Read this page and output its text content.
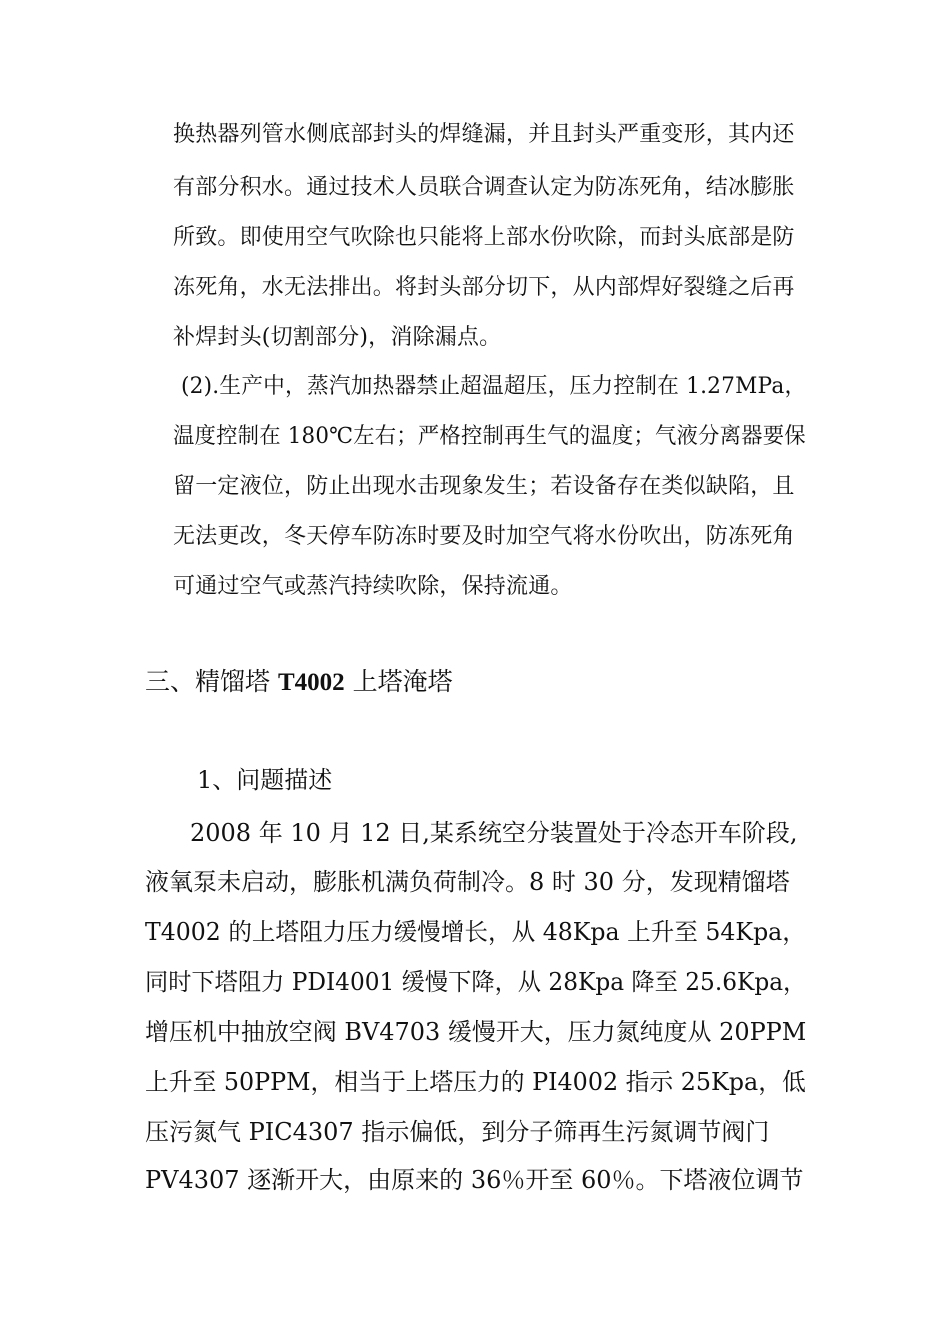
换热器列管水侧底部封头的焊缝漏，并且封头严重变形，其内还
有部分积水。通过技术人员联合调查认定为防冻死角，结冰膨胀
所致。即使用空气吹除也只能将上部水份吹除，而封头底部是防
冻死角，水无法排出。将封头部分切下，从内部焊好裂缝之后再
补焊封头(切割部分)，消除漏点。
(2).生产中，蒸汽加热器禁止超温超压，压力控制在 1.27MPa，
温度控制在 180℃左右；严格控制再生气的温度；气液分离器要保
留一定液位，防止出现水击现象发生；若设备存在类似缺陷，且
无法更改，冬天停车防冻时要及时加空气将水份吹出，防冻死角
可通过空气或蒸汽持续吹除，保持流通。
三、精馏塔 T4002 上塔淹塔
1、问题描述
2008 年 10 月 12 日,某系统空分装置处于冷态开车阶段,
液氧泵未启动，膨胀机满负荷制冷。8 时 30 分，发现精馏塔
T4002 的上塔阻力压力缓慢增长，从 48Kpa 上升至 54Kpa，
同时下塔阻力 PDI4001 缓慢下降，从 28Kpa 降至 25.6Kpa，
增压机中抽放空阀 BV4703 缓慢开大，压力氮纯度从 20PPM
上升至 50PPM，相当于上塔压力的 PI4002 指示 25Kpa，低
压污氮气 PIC4307 指示偏低，到分子筛再生污氮调节阀门
PV4307 逐渐开大，由原来的 36％开至 60％。下塔液位调节
